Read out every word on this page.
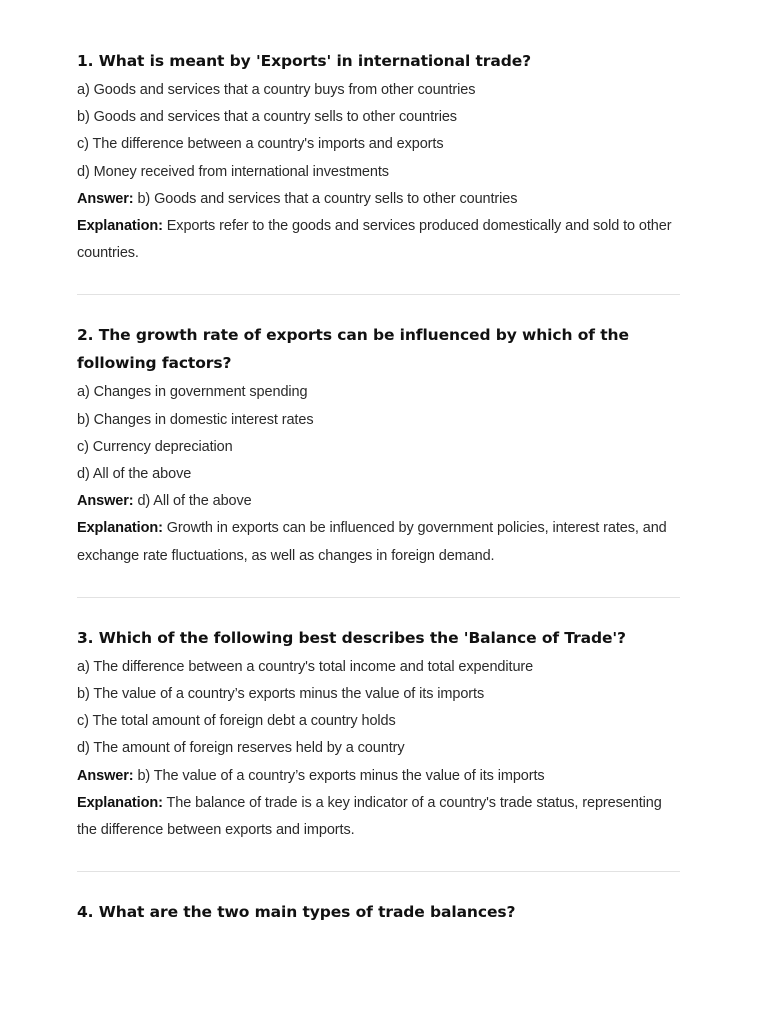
1. What is meant by 'Exports' in international trade?

a) Goods and services that a country buys from other countries

b) Goods and services that a country sells to other countries

c) The difference between a country's imports and exports

d) Money received from international investments

Answer: b) Goods and services that a country sells to other countries

Explanation: Exports refer to the goods and services produced domestically and sold to other countries.

2. The growth rate of exports can be influenced by which of the following factors?

a) Changes in government spending

b) Changes in domestic interest rates

c) Currency depreciation

d) All of the above

Answer: d) All of the above

Explanation: Growth in exports can be influenced by government policies, interest rates, and exchange rate fluctuations, as well as changes in foreign demand.

3. Which of the following best describes the 'Balance of Trade'?

a) The difference between a country's total income and total expenditure

b) The value of a country’s exports minus the value of its imports

c) The total amount of foreign debt a country holds

d) The amount of foreign reserves held by a country

Answer: b) The value of a country’s exports minus the value of its imports

Explanation: The balance of trade is a key indicator of a country's trade status, representing the difference between exports and imports.

4. What are the two main types of trade balances?
